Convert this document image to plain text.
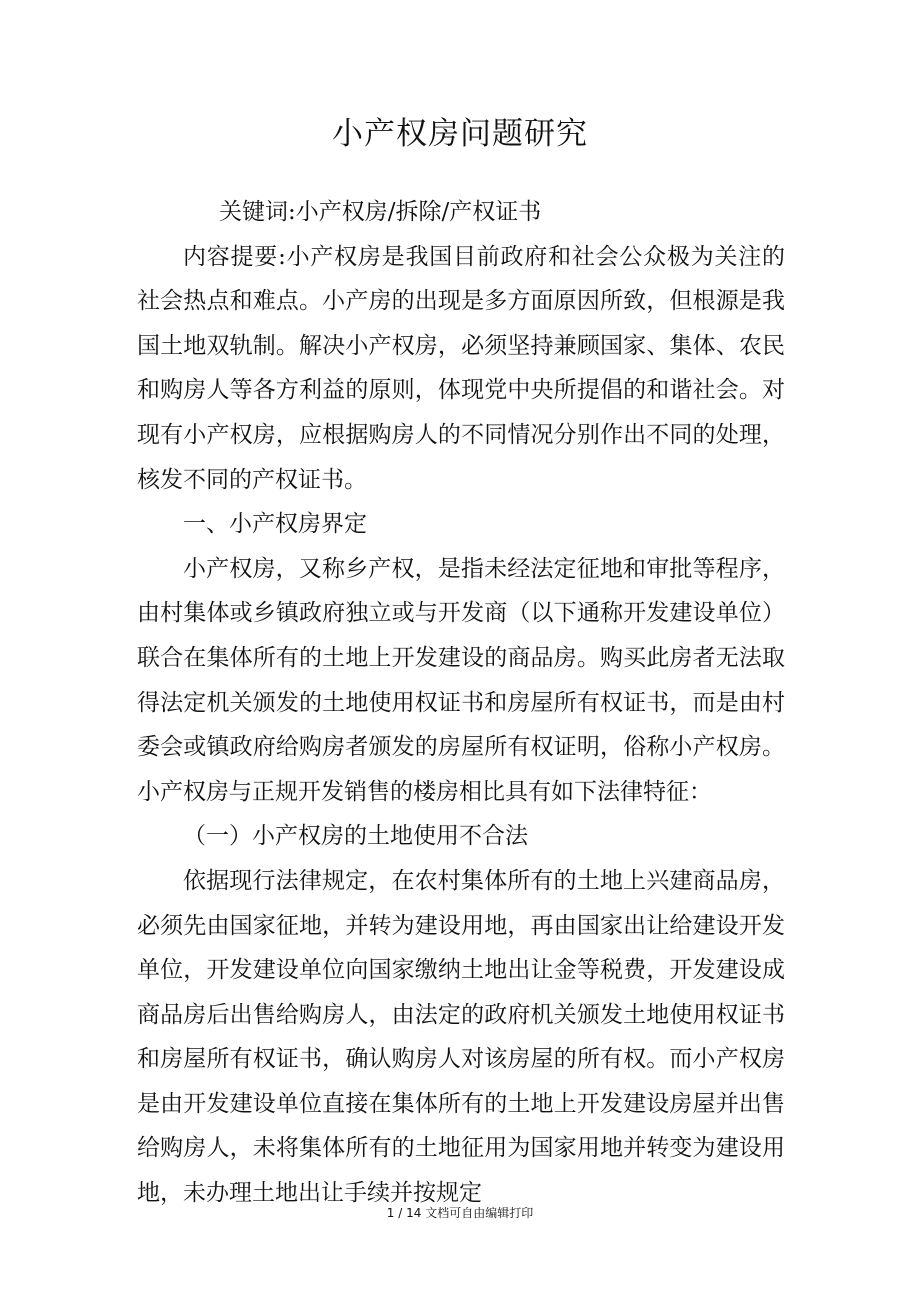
小产权房问题研究

关键词:小产权房/拆除/产权证书

内容提要:小产权房是我国目前政府和社会公众极为关注的社会热点和难点。小产房的出现是多方面原因所致，但根源是我国土地双轨制。解决小产权房，必须坚持兼顾国家、集体、农民和购房人等各方利益的原则，体现党中央所提倡的和谐社会。对现有小产权房，应根据购房人的不同情况分别作出不同的处理，核发不同的产权证书。

一、小产权房界定

小产权房，又称乡产权，是指未经法定征地和审批等程序，由村集体或乡镇政府独立或与开发商（以下通称开发建设单位）联合在集体所有的土地上开发建设的商品房。购买此房者无法取得法定机关颁发的土地使用权证书和房屋所有权证书，而是由村委会或镇政府给购房者颁发的房屋所有权证明，俗称小产权房。小产权房与正规开发销售的楼房相比具有如下法律特征：

（一）小产权房的土地使用不合法

依据现行法律规定，在农村集体所有的土地上兴建商品房，必须先由国家征地，并转为建设用地，再由国家出让给建设开发单位，开发建设单位向国家缴纳土地出让金等税费，开发建设成商品房后出售给购房人，由法定的政府机关颁发土地使用权证书和房屋所有权证书，确认购房人对该房屋的所有权。而小产权房是由开发建设单位直接在集体所有的土地上开发建设房屋并出售给购房人，未将集体所有的土地征用为国家用地并转变为建设用地，未办理土地出让手续并按规定

1 / 14 文档可自由编辑打印
